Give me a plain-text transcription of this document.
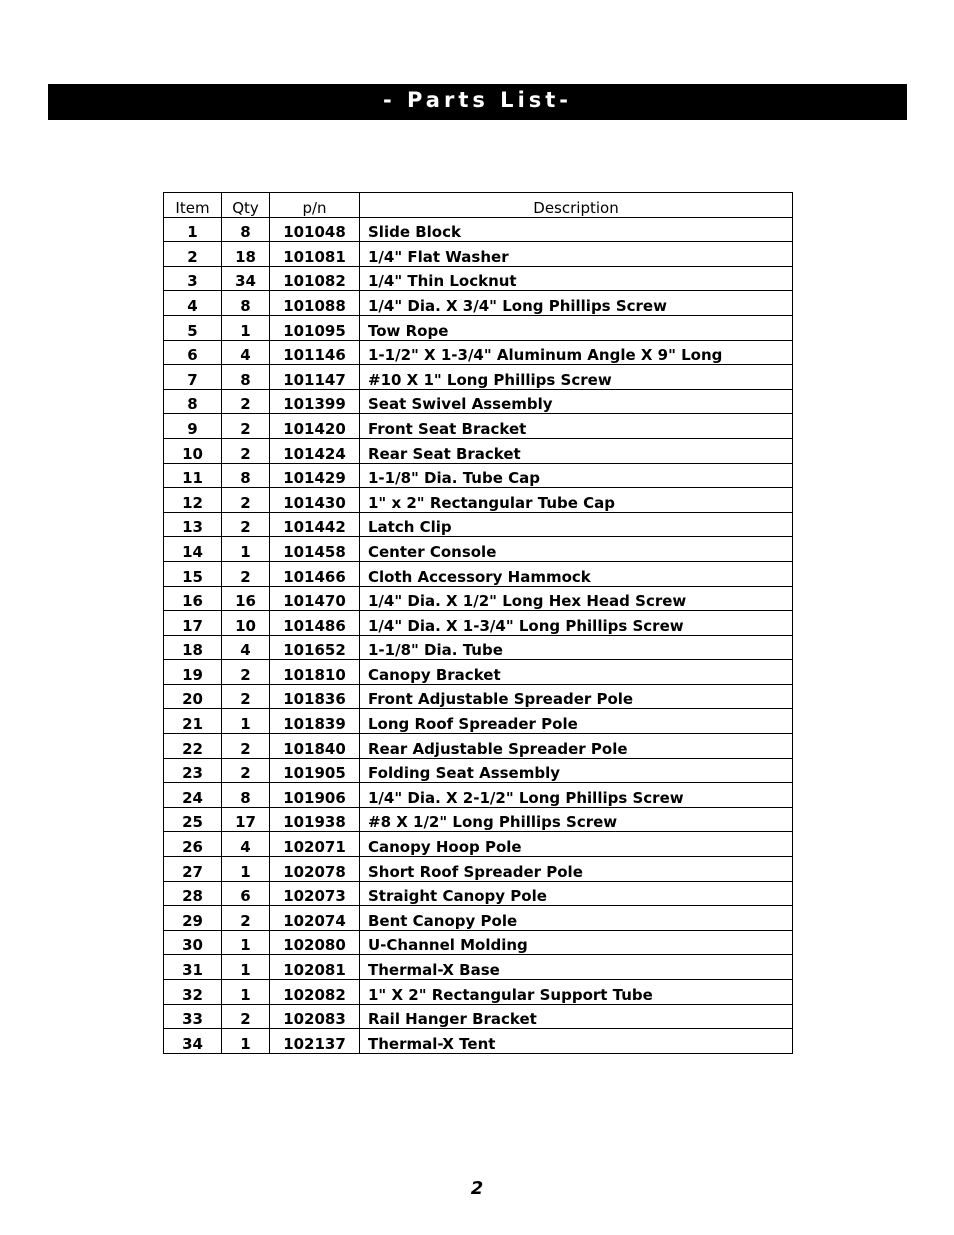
- Parts List-
Item	Qty	p/n	Description
1	8	101048	Slide Block
2	18	101081	1/4" Flat Washer
3	34	101082	1/4" Thin Locknut
4	8	101088	1/4" Dia. X 3/4" Long Phillips Screw
5	1	101095	Tow Rope
6	4	101146	1-1/2" X 1-3/4" Aluminum Angle X 9" Long
7	8	101147	#10 X 1" Long Phillips Screw
8	2	101399	Seat Swivel Assembly
9	2	101420	Front Seat Bracket
10	2	101424	Rear Seat Bracket
11	8	101429	1-1/8" Dia. Tube Cap
12	2	101430	1" x 2" Rectangular Tube Cap
13	2	101442	Latch Clip
14	1	101458	Center Console
15	2	101466	Cloth Accessory Hammock
16	16	101470	1/4" Dia. X 1/2" Long Hex Head Screw
17	10	101486	1/4" Dia. X 1-3/4" Long Phillips Screw
18	4	101652	1-1/8" Dia. Tube
19	2	101810	Canopy Bracket
20	2	101836	Front Adjustable Spreader Pole
21	1	101839	Long Roof Spreader Pole
22	2	101840	Rear Adjustable Spreader Pole
23	2	101905	Folding Seat Assembly
24	8	101906	1/4" Dia. X 2-1/2" Long Phillips Screw
25	17	101938	#8 X 1/2" Long Phillips Screw
26	4	102071	Canopy Hoop Pole
27	1	102078	Short Roof Spreader Pole
28	6	102073	Straight Canopy Pole
29	2	102074	Bent Canopy Pole
30	1	102080	U-Channel Molding
31	1	102081	Thermal-X Base
32	1	102082	1" X 2" Rectangular Support Tube
33	2	102083	Rail Hanger Bracket
34	1	102137	Thermal-X Tent
2
